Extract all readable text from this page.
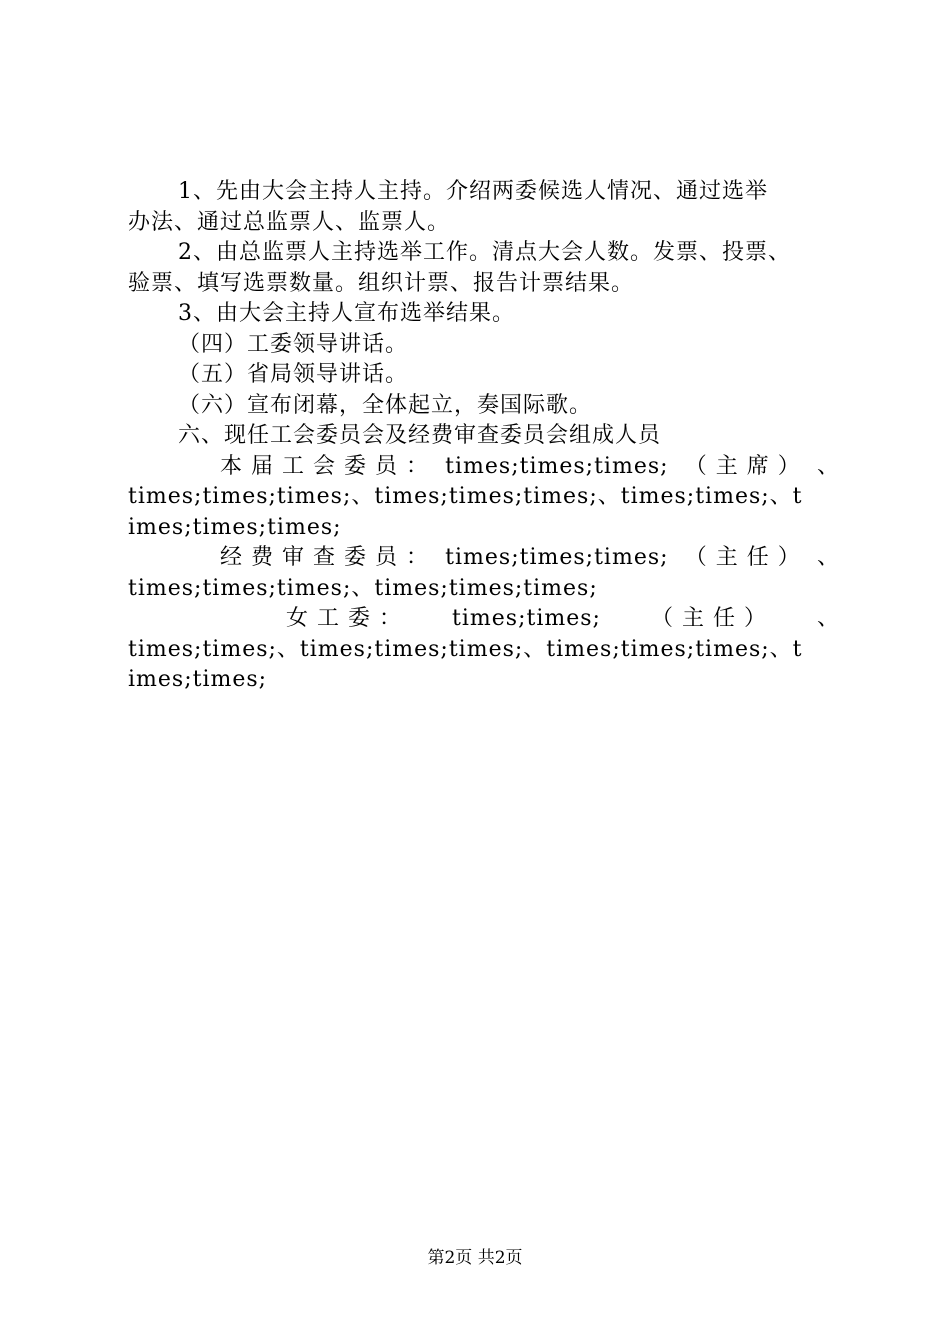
1、先由大会主持人主持。介绍两委候选人情况、通过选举
办法、通过总监票人、监票人。
2、由总监票人主持选举工作。清点大会人数。发票、投票、
验票、填写选票数量。组织计票、报告计票结果。
3、由大会主持人宣布选举结果。
（四）工委领导讲话。
（五）省局领导讲话。
（六）宣布闭幕，全体起立，奏国际歌。
六、现任工会委员会及经费审查委员会组成人员
本 届 工 会 委 员 ： times;times;times; （ 主 席 ） 、
times;times;times;、times;times;times;、times;times;、t
imes;times;times;
经 费 审 查 委 员 ： times;times;times; （ 主 任 ） 、
times;times;times;、times;times;times;
女 工 委 ： times;times; （ 主 任 ） 、
times;times;、times;times;times;、times;times;times;、t
imes;times;
第2页 共2页
